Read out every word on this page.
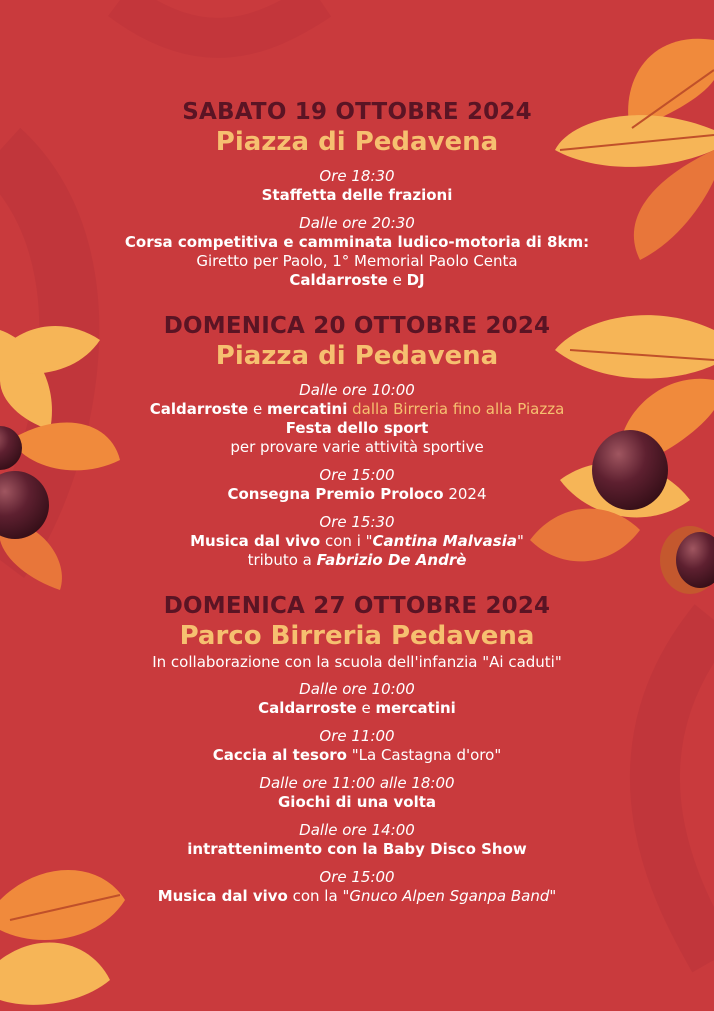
SABATO 19 OTTOBRE 2024
Piazza di Pedavena
Ore 18:30
Staffetta delle frazioni
Dalle ore 20:30
Corsa competitiva e camminata ludico-motoria di 8km:
Giretto per Paolo, 1° Memorial Paolo Centa
Caldarroste e DJ
DOMENICA 20 OTTOBRE 2024
Piazza di Pedavena
Dalle ore 10:00
Caldarroste e mercatini dalla Birreria fino alla Piazza
Festa dello sport
per provare varie attività sportive
Ore 15:00
Consegna Premio Proloco 2024
Ore 15:30
Musica dal vivo con i "Cantina Malvasia"
tributo a Fabrizio De Andrè
DOMENICA 27 OTTOBRE 2024
Parco Birreria Pedavena
In collaborazione con la scuola dell'infanzia "Ai caduti"
Dalle ore 10:00
Caldarroste e mercatini
Ore 11:00
Caccia al tesoro "La Castagna d'oro"
Dalle ore 11:00 alle 18:00
Giochi di una volta
Dalle ore 14:00
intrattenimento con la Baby Disco Show
Ore 15:00
Musica dal vivo con la "Gnuco Alpen Sganpa Band"
